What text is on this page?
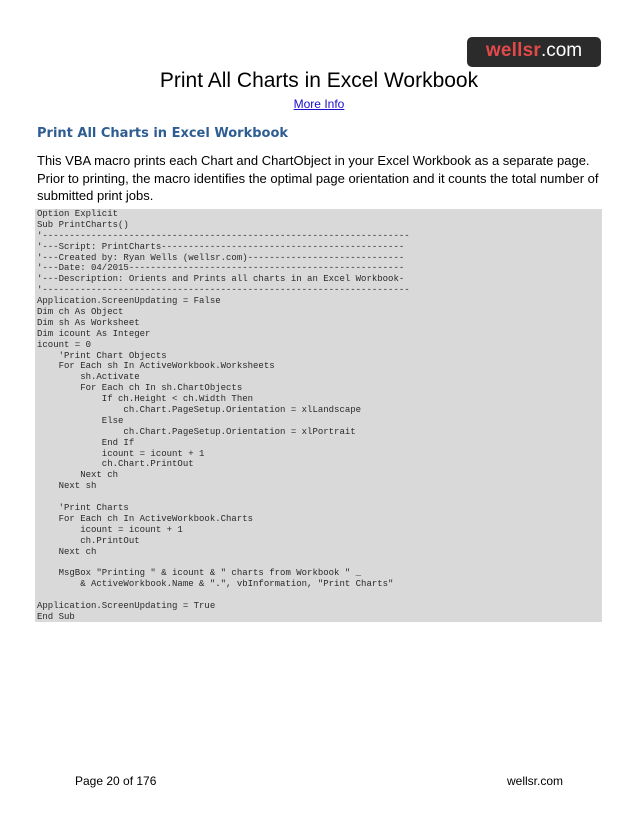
wellsr .com
Print All Charts in Excel Workbook
More Info
Print All Charts in Excel Workbook

This VBA macro prints each Chart and ChartObject in your Excel Workbook as a separate page. Prior to printing, the macro identifies the optimal page orientation and it counts the total number of submitted print jobs.

Option Explicit
Sub PrintCharts()
'--------------------------------------------------------------------
'---Script: PrintCharts---------------------------------------------
'---Created by: Ryan Wells (wellsr.com)-----------------------------
'---Date: 04/2015---------------------------------------------------
'---Description: Orients and Prints all charts in an Excel Workbook-
'--------------------------------------------------------------------
Application.ScreenUpdating = False
Dim ch As Object
Dim sh As Worksheet
Dim icount As Integer
icount = 0
'Print Chart Objects
For Each sh In ActiveWorkbook.Worksheets
sh.Activate
For Each ch In sh.ChartObjects
If ch.Height < ch.Width Then
ch.Chart.PageSetup.Orientation = xlLandscape
Else
ch.Chart.PageSetup.Orientation = xlPortrait
End If
icount = icount + 1
ch.Chart.PrintOut
Next ch
Next sh
'Print Charts
For Each ch In ActiveWorkbook.Charts
icount = icount + 1
ch.PrintOut
Next ch
MsgBox "Printing " & icount & " charts from Workbook " _
& ActiveWorkbook.Name & ".", vbInformation, "Print Charts"
Application.ScreenUpdating = True
End Sub
Page 20 of 176	wellsr.com
